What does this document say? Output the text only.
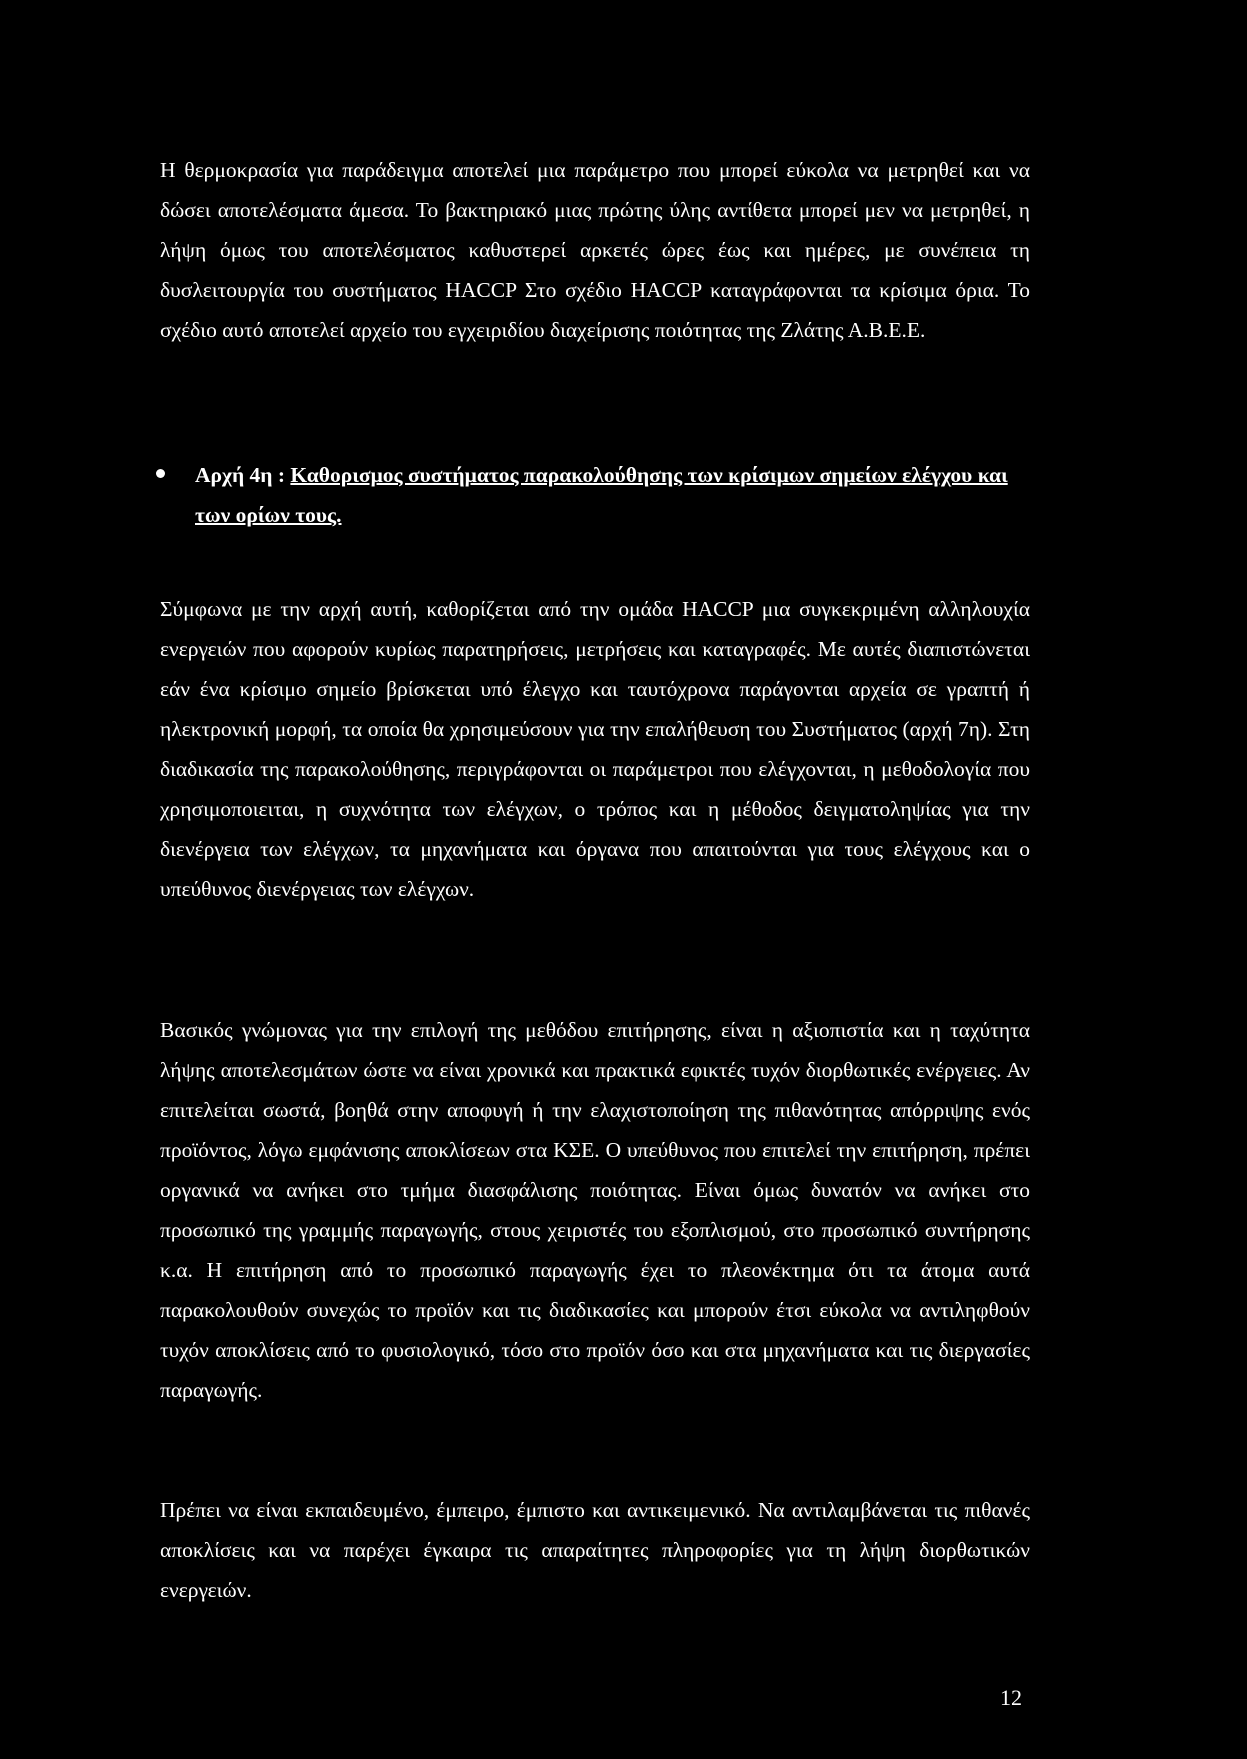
Η θερμοκρασία για παράδειγμα αποτελεί μια παράμετρο που μπορεί εύκολα να μετρηθεί και να δώσει αποτελέσματα άμεσα. Το βακτηριακό μιας πρώτης ύλης αντίθετα μπορεί μεν να μετρηθεί, η λήψη όμως του αποτελέσματος καθυστερεί αρκετές ώρες έως και ημέρες, με συνέπεια τη δυσλειτουργία του συστήματος HACCP Στο σχέδιο HACCP καταγράφονται τα κρίσιμα όρια. Το σχέδιο αυτό αποτελεί αρχείο του εγχειριδίου διαχείρισης ποιότητας της Ζλάτης Α.Β.Ε.Ε.

Αρχή 4η : Καθορισμος συστήματος παρακολούθησης των κρίσιμων σημείων ελέγχου και των ορίων τους.

Σύμφωνα με την αρχή αυτή, καθορίζεται από την ομάδα HACCP μια συγκεκριμένη αλληλουχία ενεργειών που αφορούν κυρίως παρατηρήσεις, μετρήσεις και καταγραφές. Με αυτές διαπιστώνεται εάν ένα κρίσιμο σημείο βρίσκεται υπό έλεγχο και ταυτόχρονα παράγονται αρχεία σε γραπτή ή ηλεκτρονική μορφή, τα οποία θα χρησιμεύσουν για την επαλήθευση του Συστήματος (αρχή 7η). Στη διαδικασία της παρακολούθησης, περιγράφονται οι παράμετροι που ελέγχονται, η μεθοδολογία που χρησιμοποιειται, η συχνότητα των ελέγχων, ο τρόπος και η μέθοδος δειγματοληψίας για την διενέργεια των ελέγχων, τα μηχανήματα και όργανα που απαιτούνται για τους ελέγχους και ο υπεύθυνος διενέργειας των ελέγχων.

Βασικός γνώμονας για την επιλογή της μεθόδου επιτήρησης, είναι η αξιοπιστία και η ταχύτητα λήψης αποτελεσμάτων ώστε να είναι χρονικά και πρακτικά εφικτές τυχόν διορθωτικές ενέργειες. Αν επιτελείται σωστά, βοηθά στην αποφυγή ή την ελαχιστοποίηση της πιθανότητας απόρριψης ενός προϊόντος, λόγω εμφάνισης αποκλίσεων στα ΚΣΕ. Ο υπεύθυνος που επιτελεί την επιτήρηση, πρέπει οργανικά να ανήκει στο τμήμα διασφάλισης ποιότητας. Είναι όμως δυνατόν να ανήκει στο προσωπικό της γραμμής παραγωγής, στους χειριστές του εξοπλισμού, στο προσωπικό συντήρησης κ.α. Η επιτήρηση από το προσωπικό παραγωγής έχει το πλεονέκτημα ότι τα άτομα αυτά παρακολουθούν συνεχώς το προϊόν και τις διαδικασίες και μπορούν έτσι εύκολα να αντιληφθούν τυχόν αποκλίσεις από το φυσιολογικό, τόσο στο προϊόν όσο και στα μηχανήματα και τις διεργασίες παραγωγής.

Πρέπει να είναι εκπαιδευμένο, έμπειρο, έμπιστο και αντικειμενικό. Να αντιλαμβάνεται τις πιθανές αποκλίσεις και να παρέχει έγκαιρα τις απαραίτητες πληροφορίες για τη λήψη διορθωτικών ενεργειών.

12
